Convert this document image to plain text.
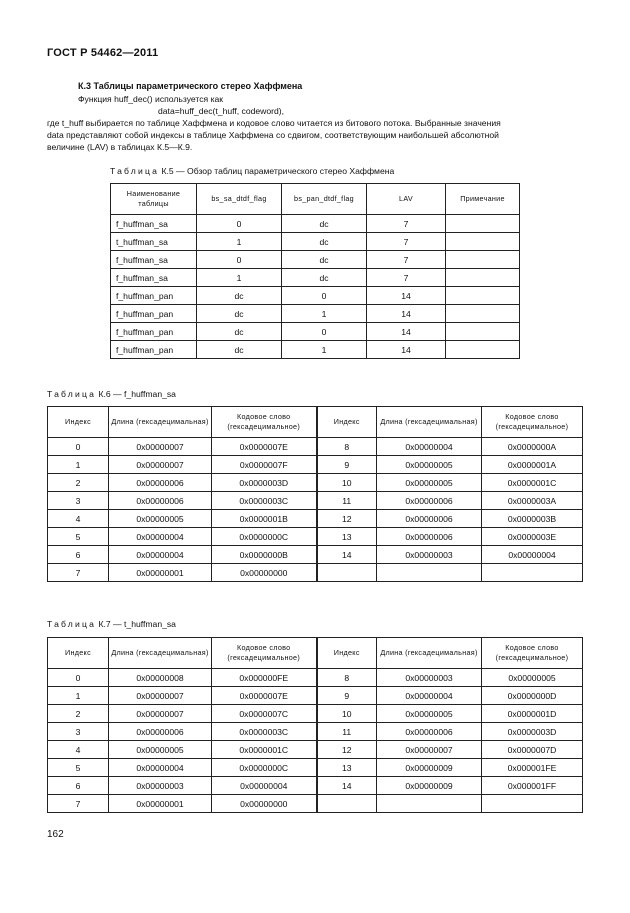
ГОСТ Р 54462—2011
К.3 Таблицы параметрического стерео Хаффмена
Функция huff_dec() используется как
data=huff_dec(t_huff, codeword),
где t_huff выбирается по таблице Хаффмена и кодовое слово читается из битового потока. Выбранные значения
data представляют собой индексы в таблице Хаффмена со сдвигом, соответствующим наибольшей абсолютной
величине (LAV) в таблицах К.5—К.9.
Таблица К.5 — Обзор таблиц параметрического стерео Хаффмена
Наименование таблицы	bs_sa_dtdf_flag	bs_pan_dtdf_flag	LAV	Примечание
f_huffman_sa	0	dc	7	
t_huffman_sa	1	dc	7	
f_huffman_sa	0	dc	7	
f_huffman_sa	1	dc	7	
f_huffman_pan	dc	0	14	
f_huffman_pan	dc	1	14	
f_huffman_pan	dc	0	14	
f_huffman_pan	dc	1	14	
Таблица К.6 — f_huffman_sa
Индекс	Длина (гексадецимальная)	Кодовое слово (гексадецимальное)	Индекс	Длина (гексадецимальная)	Кодовое слово (гексадецимальное)
0	0x00000007	0x0000007E	8	0x00000004	0x0000000A
1	0x00000007	0x0000007F	9	0x00000005	0x0000001A
2	0x00000006	0x0000003D	10	0x00000005	0x0000001C
3	0x00000006	0x0000003C	11	0x00000006	0x0000003A
4	0x00000005	0x0000001B	12	0x00000006	0x0000003B
5	0x00000004	0x0000000C	13	0x00000006	0x0000003E
6	0x00000004	0x0000000B	14	0x00000003	0x00000004
7	0x00000001	0x00000000			
Таблица К.7 — t_huffman_sa
Индекс	Длина (гексадецимальная)	Кодовое слово (гексадецимальное)	Индекс	Длина (гексадецимальная)	Кодовое слово (гексадецимальное)
0	0x00000008	0x000000FE	8	0x00000003	0x00000005
1	0x00000007	0x0000007E	9	0x00000004	0x0000000D
2	0x00000007	0x0000007C	10	0x00000005	0x0000001D
3	0x00000006	0x0000003C	11	0x00000006	0x0000003D
4	0x00000005	0x0000001C	12	0x00000007	0x0000007D
5	0x00000004	0x0000000C	13	0x00000009	0x000001FE
6	0x00000003	0x00000004	14	0x00000009	0x000001FF
7	0x00000001	0x00000000			
162
